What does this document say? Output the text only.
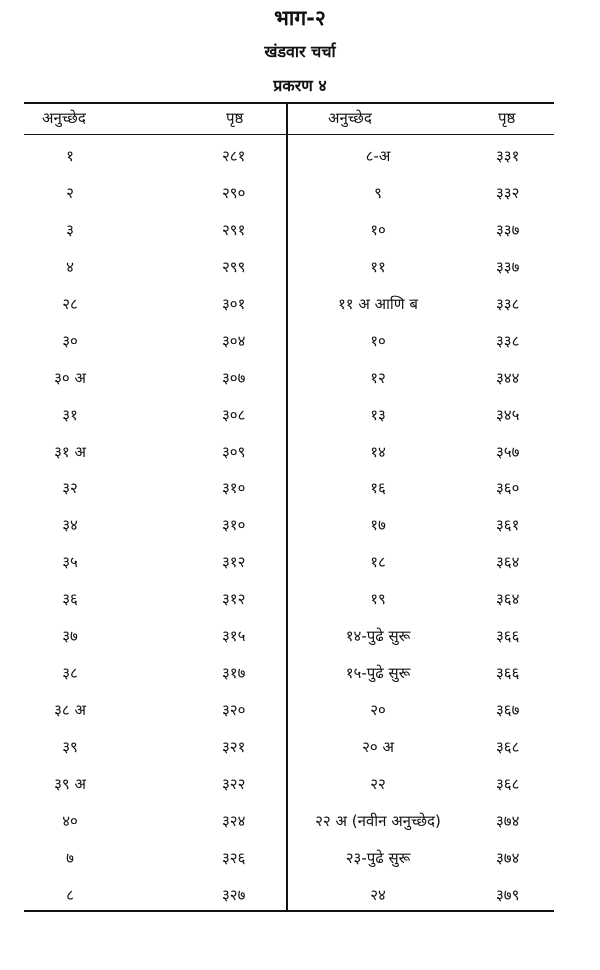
भाग-२
खंडवार चर्चा
प्रकरण ४
अनुच्छेद	पृष्ठ	अनुच्छेद	पृष्ठ
१	२८१	८-अ	३३१
२	२९०	९	३३२
३	२९१	१०	३३७
४	२९९	११	३३७
२८	३०१	११ अ आणि ब	३३८
३०	३०४	१०	३३८
३० अ	३०७	१२	३४४
३१	३०८	१३	३४५
३१ अ	३०९	१४	३५७
३२	३१०	१६	३६०
३४	३१०	१७	३६१
३५	३१२	१८	३६४
३६	३१२	१९	३६४
३७	३१५	१४-पुढे सुरू	३६६
३८	३१७	१५-पुढे सुरू	३६६
३८ अ	३२०	२०	३६७
३९	३२१	२० अ	३६८
३९ अ	३२२	२२	३६८
४०	३२४	२२ अ (नवीन अनुच्छेद)	३७४
७	३२६	२३-पुढे सुरू	३७४
८	३२७	२४	३७९
